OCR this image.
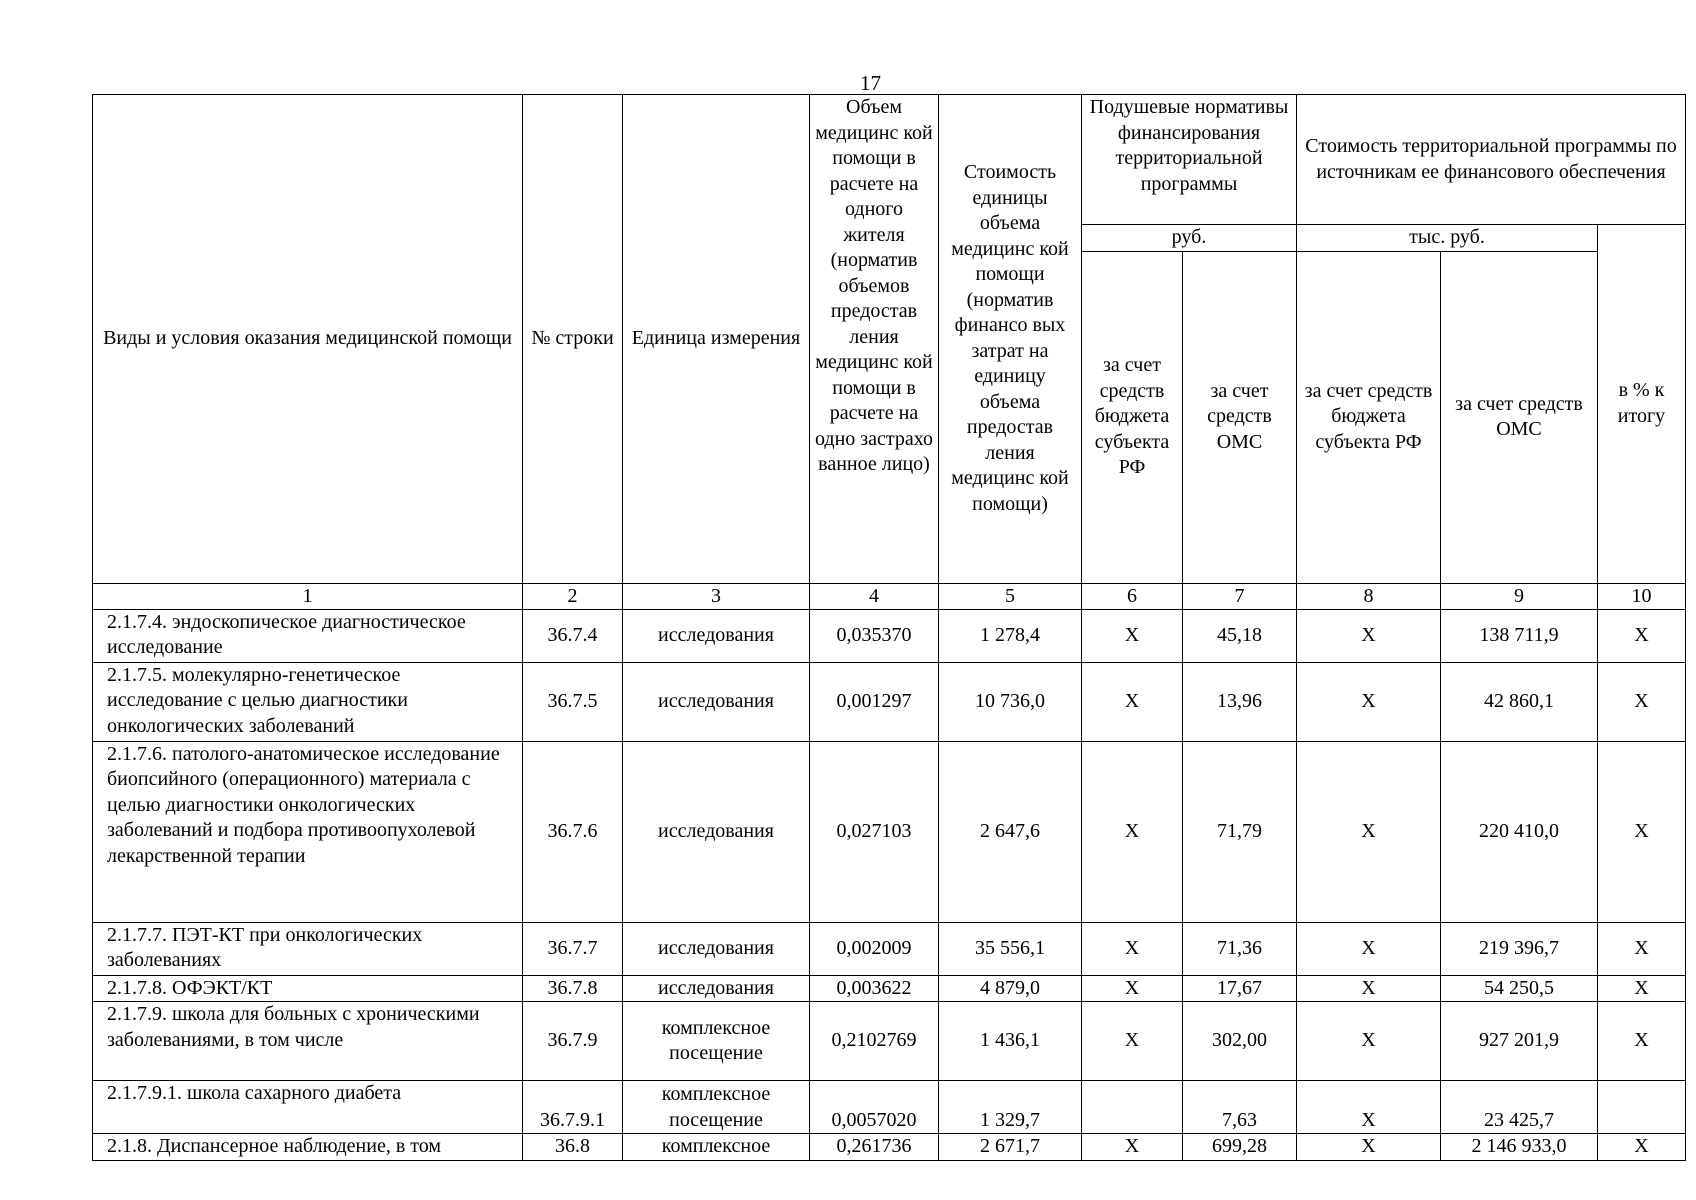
17
Виды и условия оказания медицинской помощи	№ строки	Единица измерения	Объем медицинс кой помощи в расчете на одного жителя (норматив объемов предостав ления медицинс кой помощи в расчете на одно застрахо ванное лицо)	Стоимость единицы объема медицинс кой помощи (норматив финансо вых затрат на единицу объема предостав ления медицинс кой помощи)	Подушевые нормативы финансирования территориальной программы		Стоимость территориальной программы по источникам ее финансового обеспечения		
					руб.		тыс. руб.		в % к итогу
					за счет средств бюджета субъекта РФ	за счет средств ОМС	за счет средств бюджета субъекта РФ	за счет средств ОМС	
1	2	3	4	5	6	7	8	9	10
2.1.7.4. эндоскопическое диагностическое исследование	36.7.4	исследования	0,035370	1 278,4	X	45,18	X	138 711,9	X
2.1.7.5. молекулярно-генетическое исследование с целью диагностики онкологических заболеваний	36.7.5	исследования	0,001297	10 736,0	X	13,96	X	42 860,1	X
2.1.7.6. патолого-анатомическое исследование биопсийного (операционного) материала с целью диагностики онкологических заболеваний и подбора противоопухолевой лекарственной терапии	36.7.6	исследования	0,027103	2 647,6	X	71,79	X	220 410,0	X
2.1.7.7. ПЭТ-КТ при онкологических заболеваниях	36.7.7	исследования	0,002009	35 556,1	X	71,36	X	219 396,7	X
2.1.7.8. ОФЭКТ/КТ	36.7.8	исследования	0,003622	4 879,0	X	17,67	X	54 250,5	X
2.1.7.9. школа для больных с хроническими заболеваниями, в том числе	36.7.9	комплексное посещение	0,2102769	1 436,1	X	302,00	X	927 201,9	X
2.1.7.9.1. школа сахарного диабета	36.7.9.1	комплексное посещение	0,0057020	1 329,7		7,63	X	23 425,7	
2.1.8. Диспансерное наблюдение, в том	36.8	комплексное	0,261736	2 671,7	X	699,28	X	2 146 933,0	X
